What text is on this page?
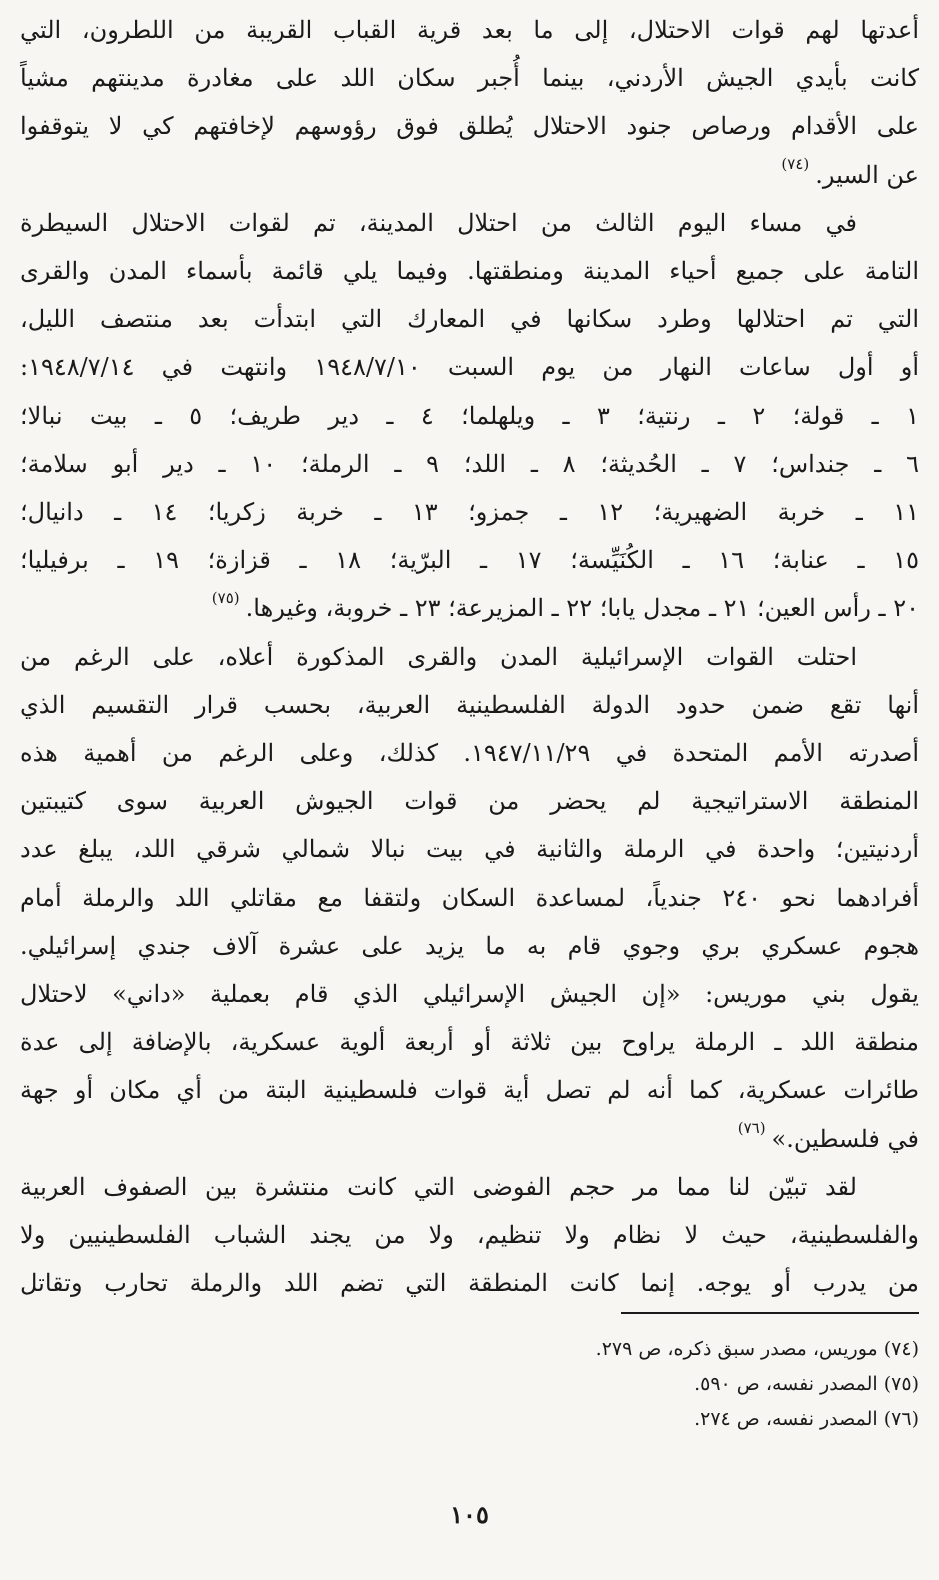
أعدتها لهم قوات الاحتلال، إلى ما بعد قرية القباب القريبة من اللطرون، التي
كانت بأيدي الجيش الأردني، بينما أُجبر سكان اللد على مغادرة مدينتهم مشياً
على الأقدام ورصاص جنود الاحتلال يُطلق فوق رؤوسهم لإخافتهم كي لا يتوقفوا
عن السير.$^{(٧٤)}$

في مساء اليوم الثالث من احتلال المدينة، تم لقوات الاحتلال السيطرة
التامة على جميع أحياء المدينة ومنطقتها. وفيما يلي قائمة بأسماء المدن والقرى
التي تم احتلالها وطرد سكانها في المعارك التي ابتدأت بعد منتصف الليل،
أو أول ساعات النهار من يوم السبت ١٩٤٨/٧/١٠ وانتهت في ١٩٤٨/٧/١٤:

١ ـ قولة؛ ٢ ـ رنتية؛ ٣ ـ ويلهلما؛ ٤ ـ دير طريف؛ ٥ ـ بيت نبالا؛
٦ ـ جنداس؛ ٧ ـ الحُديثة؛ ٨ ـ اللد؛ ٩ ـ الرملة؛ ١٠ ـ دير أبو سلامة؛
١١ ـ خربة الضهيرية؛ ١٢ ـ جمزو؛ ١٣ ـ خربة زكريا؛ ١٤ ـ دانيال؛
١٥ ـ عنابة؛ ١٦ ـ الكُنَيِّسة؛ ١٧ ـ البرّية؛ ١٨ ـ قزازة؛ ١٩ ـ برفيليا؛
٢٠ ـ رأس العين؛ ٢١ ـ مجدل يابا؛ ٢٢ ـ المزيرعة؛ ٢٣ ـ خروبة، وغيرها.$^{(٧٥)}$

احتلت القوات الإسرائيلية المدن والقرى المذكورة أعلاه، على الرغم من
أنها تقع ضمن حدود الدولة الفلسطينية العربية، بحسب قرار التقسيم الذي
أصدرته الأمم المتحدة في ١٩٤٧/١١/٢٩. كذلك، وعلى الرغم من أهمية هذه
المنطقة الاستراتيجية لم يحضر من قوات الجيوش العربية سوى كتيبتين
أردنيتين؛ واحدة في الرملة والثانية في بيت نبالا شمالي شرقي اللد، يبلغ عدد
أفرادهما نحو ٢٤٠ جندياً، لمساعدة السكان ولتقفا مع مقاتلي اللد والرملة أمام
هجوم عسكري بري وجوي قام به ما يزيد على عشرة آلاف جندي إسرائيلي.
يقول بني موريس: «إن الجيش الإسرائيلي الذي قام بعملية «داني» لاحتلال
منطقة اللد ـ الرملة يراوح بين ثلاثة أو أربعة ألوية عسكرية، بالإضافة إلى عدة
طائرات عسكرية، كما أنه لم تصل أية قوات فلسطينية البتة من أي مكان أو جهة
في فلسطين.»$^{(٧٦)}$

لقد تبيّن لنا مما مر حجم الفوضى التي كانت منتشرة بين الصفوف العربية
والفلسطينية، حيث لا نظام ولا تنظيم، ولا من يجند الشباب الفلسطينيين ولا
من يدرب أو يوجه. إنما كانت المنطقة التي تضم اللد والرملة تحارب وتقاتل

(٧٤) موريس، مصدر سبق ذكره، ص ٢٧٩.
(٧٥) المصدر نفسه، ص ٥٩٠.
(٧٦) المصدر نفسه، ص ٢٧٤.
١٠٥
